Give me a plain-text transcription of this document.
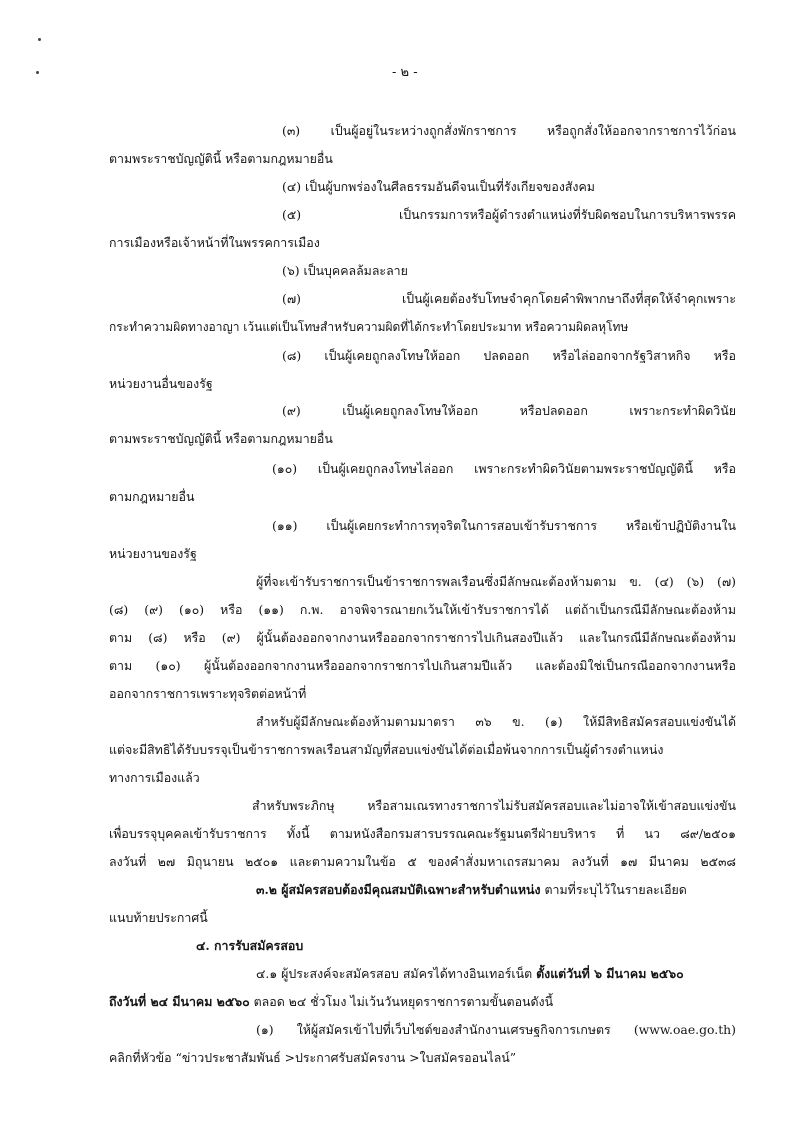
- ๒ -
(๓) เป็นผู้อยู่ในระหว่างถูกสั่งพักราชการ หรือถูกสั่งให้ออกจากราชการไว้ก่อน
ตามพระราชบัญญัตินี้ หรือตามกฎหมายอื่น
(๔) เป็นผู้บกพร่องในศีลธรรมอันดีจนเป็นที่รังเกียจของสังคม
(๕) เป็นกรรมการหรือผู้ดำรงตำแหน่งที่รับผิดชอบในการบริหารพรรค
การเมืองหรือเจ้าหน้าที่ในพรรคการเมือง
(๖) เป็นบุคคลล้มละลาย
(๗) เป็นผู้เคยต้องรับโทษจำคุกโดยคำพิพากษาถึงที่สุดให้จำคุกเพราะ
กระทำความผิดทางอาญา เว้นแต่เป็นโทษสำหรับความผิดที่ได้กระทำโดยประมาท หรือความผิดลหุโทษ
(๘) เป็นผู้เคยถูกลงโทษให้ออก ปลดออก หรือไล่ออกจากรัฐวิสาหกิจ หรือ
หน่วยงานอื่นของรัฐ
(๙) เป็นผู้เคยถูกลงโทษให้ออก หรือปลดออก เพราะกระทำผิดวินัย
ตามพระราชบัญญัตินี้ หรือตามกฎหมายอื่น
(๑๐) เป็นผู้เคยถูกลงโทษไล่ออก เพราะกระทำผิดวินัยตามพระราชบัญญัตินี้ หรือ
ตามกฎหมายอื่น
(๑๑) เป็นผู้เคยกระทำการทุจริตในการสอบเข้ารับราชการ หรือเข้าปฏิบัติงานใน
หน่วยงานของรัฐ
ผู้ที่จะเข้ารับราชการเป็นข้าราชการพลเรือนซึ่งมีลักษณะต้องห้ามตาม ข. (๔) (๖) (๗)
(๘) (๙) (๑๐) หรือ (๑๑) ก.พ. อาจพิจารณายกเว้นให้เข้ารับราชการได้ แต่ถ้าเป็นกรณีมีลักษณะต้องห้าม
ตาม (๘) หรือ (๙) ผู้นั้นต้องออกจากงานหรือออกจากราชการไปเกินสองปีแล้ว และในกรณีมีลักษณะต้องห้าม
ตาม (๑๐) ผู้นั้นต้องออกจากงานหรือออกจากราชการไปเกินสามปีแล้ว และต้องมิใช่เป็นกรณีออกจากงานหรือ
ออกจากราชการเพราะทุจริตต่อหน้าที่
สำหรับผู้มีลักษณะต้องห้ามตามมาตรา ๓๖ ข. (๑) ให้มีสิทธิสมัครสอบแข่งขันได้
แต่จะมีสิทธิได้รับบรรจุเป็นข้าราชการพลเรือนสามัญที่สอบแข่งขันได้ต่อเมื่อพ้นจากการเป็นผู้ดำรงตำแหน่ง
ทางการเมืองแล้ว
สำหรับพระภิกษุ หรือสามเณรทางราชการไม่รับสมัครสอบและไม่อาจให้เข้าสอบแข่งขัน
เพื่อบรรจุบุคคลเข้ารับราชการ ทั้งนี้ ตามหนังสือกรมสารบรรณคณะรัฐมนตรีฝ่ายบริหาร ที่ นว ๘๙/๒๕๐๑
ลงวันที่ ๒๗ มิถุนายน ๒๕๐๑ และตามความในข้อ ๕ ของคำสั่งมหาเถรสมาคม ลงวันที่ ๑๗ มีนาคม ๒๕๓๘
๓.๒ ผู้สมัครสอบต้องมีคุณสมบัติเฉพาะสำหรับตำแหน่ง ตามที่ระบุไว้ในรายละเอียด
แนบท้ายประกาศนี้
๔. การรับสมัครสอบ
๔.๑ ผู้ประสงค์จะสมัครสอบ สมัครได้ทางอินเทอร์เน็ต ตั้งแต่วันที่ ๖ มีนาคม ๒๕๖๐
ถึงวันที่ ๒๔ มีนาคม ๒๕๖๐ ตลอด ๒๔ ชั่วโมง ไม่เว้นวันหยุดราชการตามขั้นตอนดังนี้
(๑) ให้ผู้สมัครเข้าไปที่เว็บไซต์ของสำนักงานเศรษฐกิจการเกษตร (www.oae.go.th)
คลิกที่หัวข้อ “ข่าวประชาสัมพันธ์ >ประกาศรับสมัครงาน >ใบสมัครออนไลน์”
